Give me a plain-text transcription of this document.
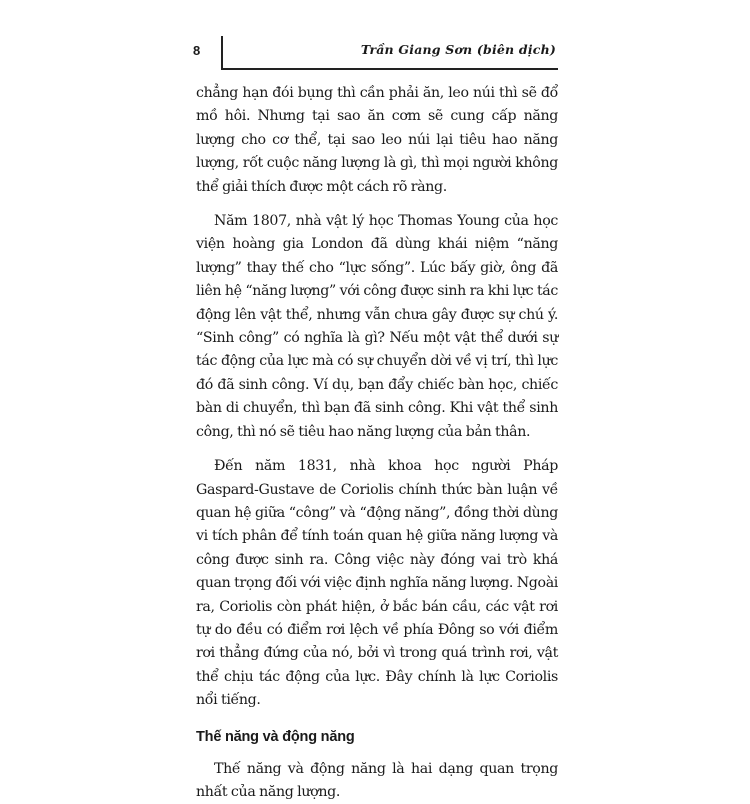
8	Trần Giang Sơn (biên dịch)

chẳng hạn đói bụng thì cần phải ăn, leo núi thì sẽ đổ mồ hôi. Nhưng tại sao ăn cơm sẽ cung cấp năng lượng cho cơ thể, tại sao leo núi lại tiêu hao năng lượng, rốt cuộc năng lượng là gì, thì mọi người không thể giải thích được một cách rõ ràng.

Năm 1807, nhà vật lý học Thomas Young của học viện hoàng gia London đã dùng khái niệm “năng lượng” thay thế cho “lực sống”. Lúc bấy giờ, ông đã liên hệ “năng lượng” với công được sinh ra khi lực tác động lên vật thể, nhưng vẫn chưa gây được sự chú ý. “Sinh công” có nghĩa là gì? Nếu một vật thể dưới sự tác động của lực mà có sự chuyển dời về vị trí, thì lực đó đã sinh công. Ví dụ, bạn đẩy chiếc bàn học, chiếc bàn di chuyển, thì bạn đã sinh công. Khi vật thể sinh công, thì nó sẽ tiêu hao năng lượng của bản thân.

Đến năm 1831, nhà khoa học người Pháp Gaspard-Gustave de Coriolis chính thức bàn luận về quan hệ giữa “công” và “động năng”, đồng thời dùng vi tích phân để tính toán quan hệ giữa năng lượng và công được sinh ra. Công việc này đóng vai trò khá quan trọng đối với việc định nghĩa năng lượng. Ngoài ra, Coriolis còn phát hiện, ở bắc bán cầu, các vật rơi tự do đều có điểm rơi lệch về phía Đông so với điểm rơi thẳng đứng của nó, bởi vì trong quá trình rơi, vật thể chịu tác động của lực. Đây chính là lực Coriolis nổi tiếng.

Thế năng và động năng

Thế năng và động năng là hai dạng quan trọng nhất của năng lượng.
